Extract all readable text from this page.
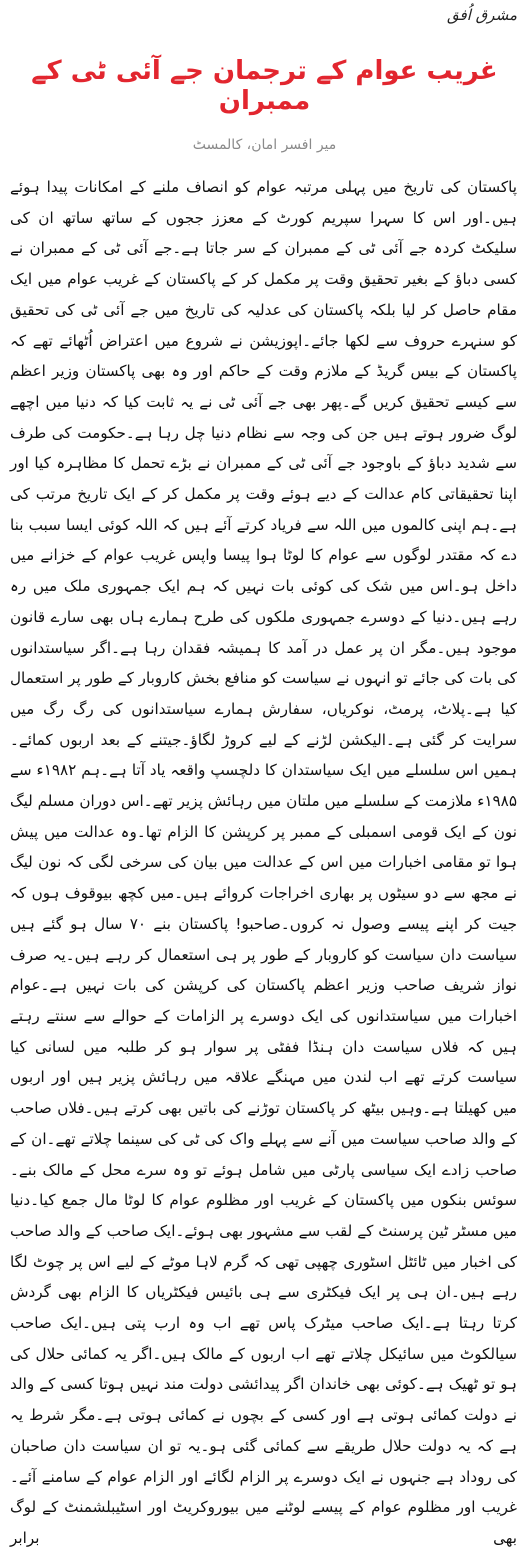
مشرق اُفق
غریب عوام کے ترجمان جے آئی ٹی کے ممبران
میر افسر امان، کالمسٹ

پاکستان کی تاریخ میں پہلی مرتبہ عوام کو انصاف ملنے کے امکانات پیدا ہوئے ہیں۔اور اس کا سہرا سپریم کورٹ کے معزز ججوں کے ساتھ ساتھ ان کی سلیکٹ کردہ جے آئی ٹی کے ممبران کے سر جاتا ہے۔جے آئی ٹی کے ممبران نے کسی دباؤ کے بغیر تحقیق وقت پر مکمل کر کے پاکستان کے غریب عوام میں ایک مقام حاصل کر لیا بلکہ پاکستان کی عدلیہ کی تاریخ میں جے آئی ٹی کی تحقیق کو سنہرے حروف سے لکھا جائے۔اپوزیشن نے شروع میں اعتراض اُٹھائے تھے کہ پاکستان کے بیس گریڈ کے ملازم وقت کے حاکم اور وہ بھی پاکستان وزیر اعظم سے کیسے تحقیق کریں گے۔پھر بھی جے آئی ٹی نے یہ ثابت کیا کہ دنیا میں اچھے لوگ ضرور ہوتے ہیں جن کی وجہ سے نظام دنیا چل رہا ہے۔حکومت کی طرف سے شدید دباؤ کے باوجود جے آئی ٹی کے ممبران نے بڑے تحمل کا مظاہرہ کیا اور اپنا تحقیقاتی کام عدالت کے دیے ہوئے وقت پر مکمل کر کے ایک تاریخ مرتب کی ہے۔ہم اپنی کالموں میں اللہ سے فریاد کرتے آئے ہیں کہ اللہ کوئی ایسا سبب بنا دے کہ مقتدر لوگوں سے عوام کا لوٹا ہوا پیسا واپس غریب عوام کے خزانے میں داخل ہو۔اس میں شک کی کوئی بات نہیں کہ ہم ایک جمہوری ملک میں رہ رہے ہیں۔دنیا کے دوسرے جمہوری ملکوں کی طرح ہمارے ہاں بھی سارے قانون موجود ہیں۔مگر ان پر عمل در آمد کا ہمیشہ فقدان رہا ہے۔اگر سیاستدانوں کی بات کی جائے تو انہوں نے سیاست کو منافع بخش کاروبار کے طور پر استعمال کیا ہے۔پلاٹ، پرمٹ، نوکریاں، سفارش ہمارے سیاستدانوں کی رگ رگ میں سرایت کر گئی ہے۔الیکشن لڑنے کے لیے کروڑ لگاؤ۔جیتنے کے بعد اربوں کمائے۔ہمیں اس سلسلے میں ایک سیاستدان کا دلچسپ واقعہ یاد آتا ہے۔ہم ۱۹۸۲ء سے ۱۹۸۵ء ملازمت کے سلسلے میں ملتان میں رہائش پزیر تھے۔اس دوران مسلم لیگ نون کے ایک قومی اسمبلی کے ممبر پر کرپشن کا الزام تھا۔وہ عدالت میں پیش ہوا تو مقامی اخبارات میں اس کے عدالت میں بیان کی سرخی لگی کہ نون لیگ نے مجھ سے دو سیٹوں پر بھاری اخراجات کروائے ہیں۔میں کچھ بیوقوف ہوں کہ جیت کر اپنے پیسے وصول نہ کروں۔صاحبو! پاکستان بنے ۷۰ سال ہو گئے ہیں سیاست دان سیاست کو کاروبار کے طور پر ہی استعمال کر رہے ہیں۔یہ صرف نواز شریف صاحب وزیر اعظم پاکستان کی کرپشن کی بات نہیں ہے۔عوام اخبارات میں سیاستدانوں کی ایک دوسرے پر الزامات کے حوالے سے سنتے رہتے ہیں کہ فلاں سیاست دان ہنڈا ففٹی پر سوار ہو کر طلبہ میں لسانی کیا سیاست کرتے تھے اب لندن میں مہنگے علاقہ میں رہائش پزیر ہیں اور اربوں میں کھیلتا ہے۔وہیں بیٹھ کر پاکستان توڑنے کی باتیں بھی کرتے ہیں۔فلاں صاحب کے والد صاحب سیاست میں آنے سے پہلے واک کی ٹی کی سینما چلاتے تھے۔ان کے صاحب زادے ایک سیاسی پارٹی میں شامل ہوئے تو وہ سرے محل کے مالک بنے۔سوئس بنکوں میں پاکستان کے غریب اور مظلوم عوام کا لوٹا مال جمع کیا۔دنیا میں مسٹر ٹین پرسنٹ کے لقب سے مشہور بھی ہوئے۔ایک صاحب کے والد صاحب کی اخبار میں ٹائٹل اسٹوری چھپی تھی کہ گرم لاہا موٹے کے لیے اس پر چوٹ لگا رہے ہیں۔ان ہی پر ایک فیکٹری سے ہی بائیس فیکٹریاں کا الزام بھی گردش کرتا رہتا ہے۔ایک صاحب میٹرک پاس تھے اب وہ ارب پتی ہیں۔ایک صاحب سیالکوٹ میں سائیکل چلاتے تھے اب اربوں کے مالک ہیں۔اگر یہ کمائی حلال کی ہو تو ٹھیک ہے۔کوئی بھی خاندان اگر پیدائشی دولت مند نہیں ہوتا کسی کے والد نے دولت کمائی ہوتی ہے اور کسی کے بچوں نے کمائی ہوتی ہے۔مگر شرط یہ ہے کہ یہ دولت حلال طریقے سے کمائی گئی ہو۔یہ تو ان سیاست دان صاحبان کی روداد ہے جنہوں نے ایک دوسرے پر الزام لگائے اور الزام عوام کے سامنے آئے۔غریب اور مظلوم عوام کے پیسے لوٹنے میں بیوروکریٹ اور اسٹیبلشمنٹ کے لوگ بھی برابر
